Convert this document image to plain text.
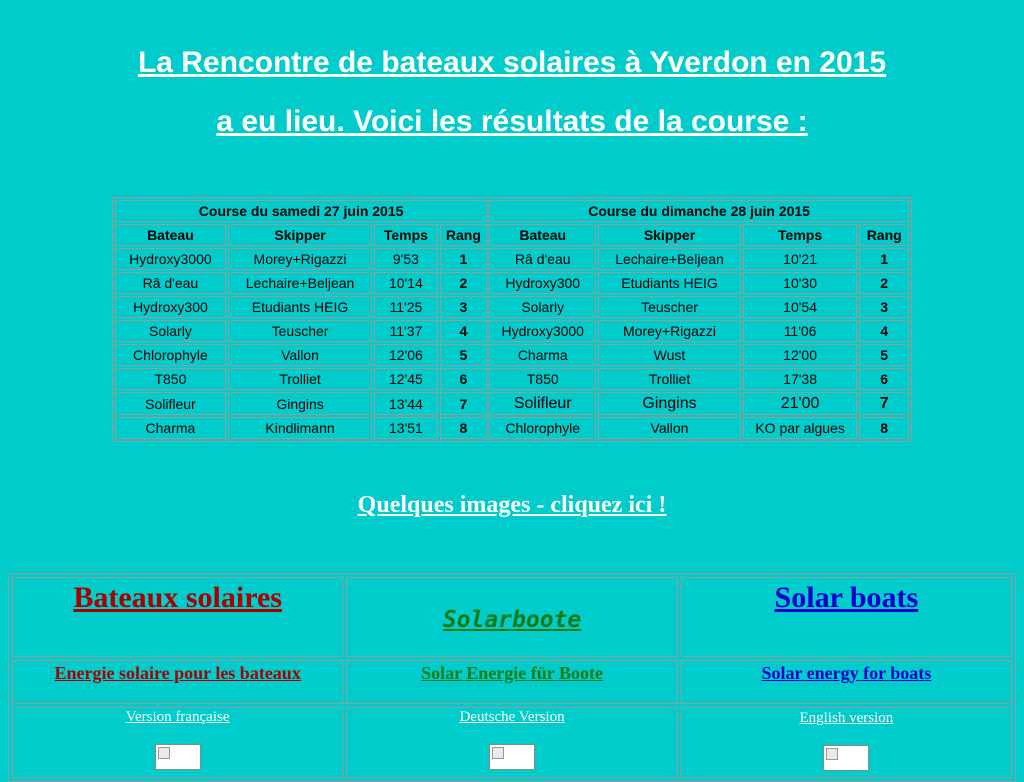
La Rencontre de bateaux solaires à Yverdon en 2015
a eu lieu. Voici les résultats de la course :
Course du samedi 27 juin 2015				Course du dimanche 28 juin 2015			
Bateau	Skipper	Temps	Rang	Bateau	Skipper	Temps	Rang
Hydroxy3000	Morey+Rigazzi	9'53	1	Râ d'eau	Lechaire+Beljean	10'21	1
Râ d'eau	Lechaire+Beljean	10'14	2	Hydroxy300	Etudiants HEIG	10'30	2
Hydroxy300	Etudiants HEIG	11'25	3	Solarly	Teuscher	10'54	3
Solarly	Teuscher	11'37	4	Hydroxy3000	Morey+Rigazzi	11'06	4
Chlorophyle	Vallon	12'06	5	Charma	Wust	12'00	5
T850	Trolliet	12'45	6	T850	Trolliet	17'38	6
Solifleur	Gingins	13'44	7	Solifleur	Gingins	21'00	7
Charma	Kindlimann	13'51	8	Chlorophyle	Vallon	KO par algues	8
Quelques images - cliquez ici !
Bateaux solaires	Solarboote	Solar boats
Energie solaire pour les bateaux	Solar Energie für Boote	Solar energy for boats

Version française	Deutsche Version	English version
